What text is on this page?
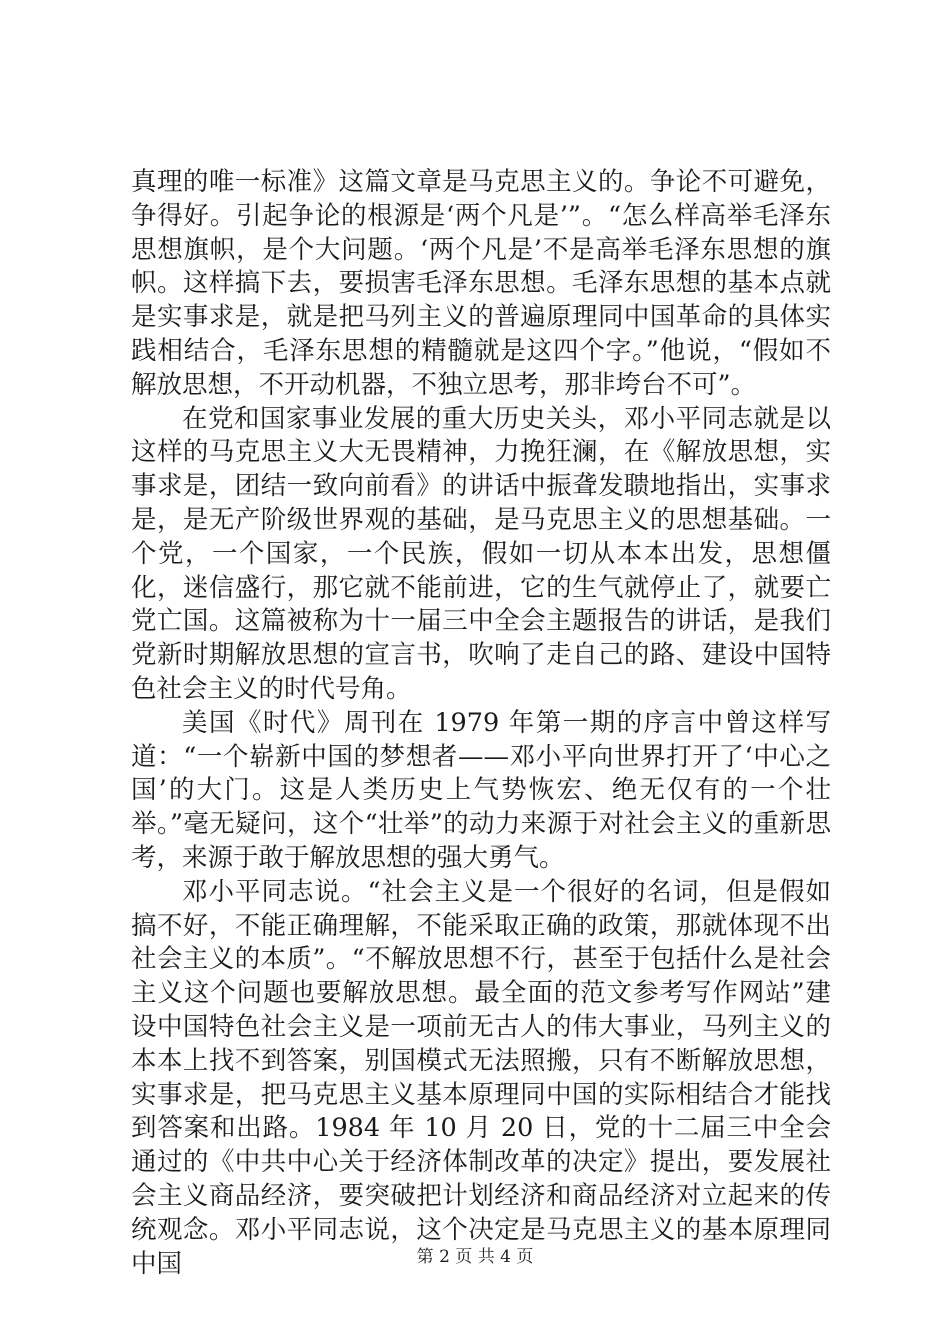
真理的唯一标准》这篇文章是马克思主义的。争论不可避免，争得好。引起争论的根源是‘两个凡是’”。“怎么样高举毛泽东思想旗帜，是个大问题。‘两个凡是’不是高举毛泽东思想的旗帜。这样搞下去，要损害毛泽东思想。毛泽东思想的基本点就是实事求是，就是把马列主义的普遍原理同中国革命的具体实践相结合，毛泽东思想的精髓就是这四个字。”他说，“假如不解放思想，不开动机器，不独立思考，那非垮台不可”。

在党和国家事业发展的重大历史关头，邓小平同志就是以这样的马克思主义大无畏精神，力挽狂澜，在《解放思想，实事求是，团结一致向前看》的讲话中振聋发聩地指出，实事求是，是无产阶级世界观的基础，是马克思主义的思想基础。一个党，一个国家，一个民族，假如一切从本本出发，思想僵化，迷信盛行，那它就不能前进，它的生气就停止了，就要亡党亡国。这篇被称为十一届三中全会主题报告的讲话，是我们党新时期解放思想的宣言书，吹响了走自己的路、建设中国特色社会主义的时代号角。

美国《时代》周刊在 1979 年第一期的序言中曾这样写道：“一个崭新中国的梦想者——邓小平向世界打开了‘中心之国’的大门。这是人类历史上气势恢宏、绝无仅有的一个壮举。”毫无疑问，这个“壮举”的动力来源于对社会主义的重新思考，来源于敢于解放思想的强大勇气。

邓小平同志说。“社会主义是一个很好的名词，但是假如搞不好，不能正确理解，不能采取正确的政策，那就体现不出社会主义的本质”。“不解放思想不行，甚至于包括什么是社会主义这个问题也要解放思想。最全面的范文参考写作网站”建设中国特色社会主义是一项前无古人的伟大事业，马列主义的本本上找不到答案，别国模式无法照搬，只有不断解放思想，实事求是，把马克思主义基本原理同中国的实际相结合才能找到答案和出路。1984 年 10 月 20 日，党的十二届三中全会通过的《中共中心关于经济体制改革的决定》提出，要发展社会主义商品经济，要突破把计划经济和商品经济对立起来的传统观念。邓小平同志说，这个决定是马克思主义的基本原理同中国	第 2 页 共 4 页
